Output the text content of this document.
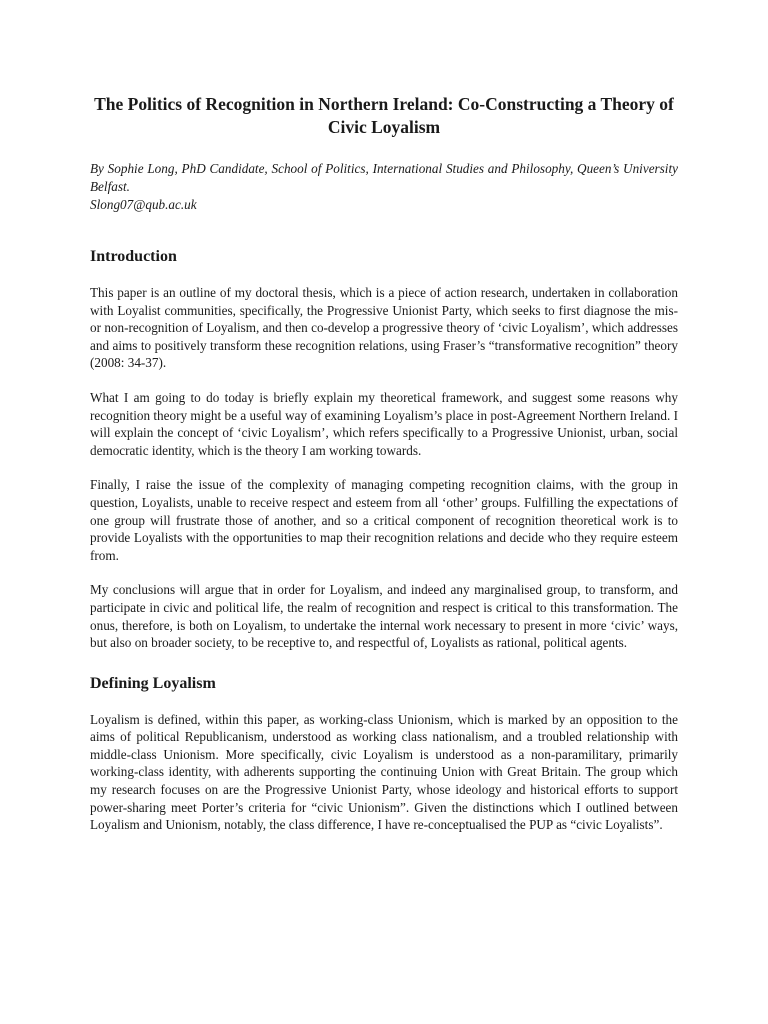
The Politics of Recognition in Northern Ireland: Co-Constructing a Theory of Civic Loyalism
By Sophie Long, PhD Candidate, School of Politics, International Studies and Philosophy, Queen’s University Belfast.
Slong07@qub.ac.uk
Introduction

This paper is an outline of my doctoral thesis, which is a piece of action research, undertaken in collaboration with Loyalist communities, specifically, the Progressive Unionist Party, which seeks to first diagnose the mis- or non-recognition of Loyalism, and then co-develop a progressive theory of ‘civic Loyalism’, which addresses and aims to positively transform these recognition relations, using Fraser’s “transformative recognition” theory (2008: 34-37).

What I am going to do today is briefly explain my theoretical framework, and suggest some reasons why recognition theory might be a useful way of examining Loyalism’s place in post-Agreement Northern Ireland. I will explain the concept of ‘civic Loyalism’, which refers specifically to a Progressive Unionist, urban, social democratic identity, which is the theory I am working towards.

Finally, I raise the issue of the complexity of managing competing recognition claims, with the group in question, Loyalists, unable to receive respect and esteem from all ‘other’ groups. Fulfilling the expectations of one group will frustrate those of another, and so a critical component of recognition theoretical work is to provide Loyalists with the opportunities to map their recognition relations and decide who they require esteem from.

My conclusions will argue that in order for Loyalism, and indeed any marginalised group, to transform, and participate in civic and political life, the realm of recognition and respect is critical to this transformation. The onus, therefore, is both on Loyalism, to undertake the internal work necessary to present in more ‘civic’ ways, but also on broader society, to be receptive to, and respectful of, Loyalists as rational, political agents.

Defining Loyalism

Loyalism is defined, within this paper, as working-class Unionism, which is marked by an opposition to the aims of political Republicanism, understood as working class nationalism, and a troubled relationship with middle-class Unionism. More specifically, civic Loyalism is understood as a non-paramilitary, primarily working-class identity, with adherents supporting the continuing Union with Great Britain. The group which my research focuses on are the Progressive Unionist Party, whose ideology and historical efforts to support power-sharing meet Porter’s criteria for “civic Unionism”. Given the distinctions which I outlined between Loyalism and Unionism, notably, the class difference, I have re-conceptualised the PUP as “civic Loyalists”.
